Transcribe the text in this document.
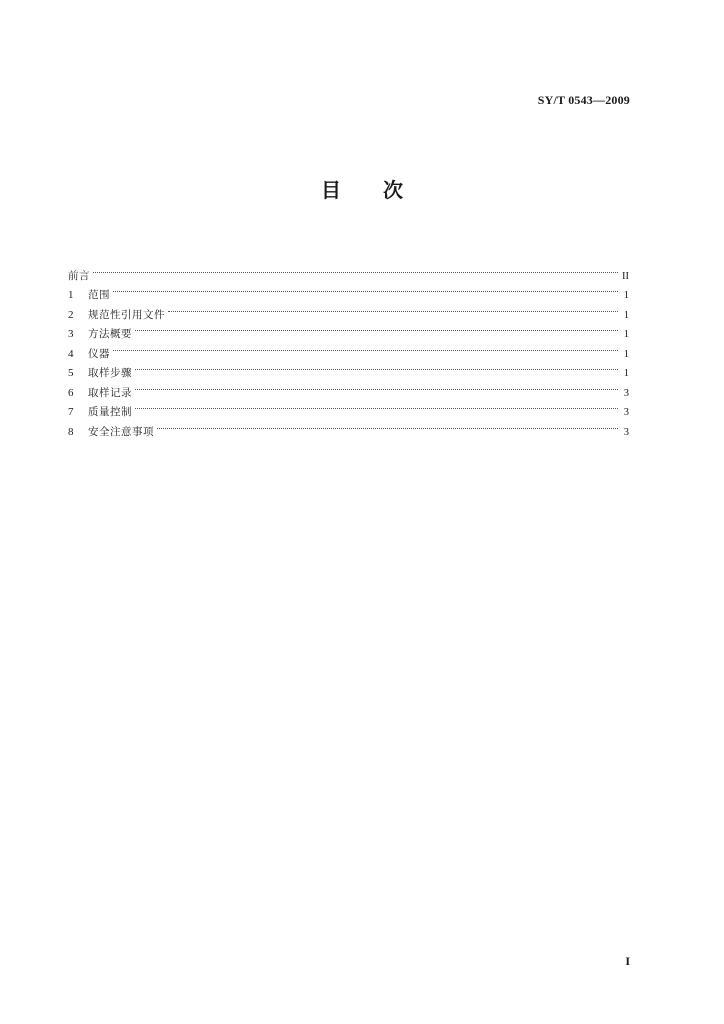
SY/T 0543—2009
目 次
前言	II
1	范围	1
2	规范性引用文件	1
3	方法概要	1
4	仪器	1
5	取样步骤	1
6	取样记录	3
7	质量控制	3
8	安全注意事项	3
I
